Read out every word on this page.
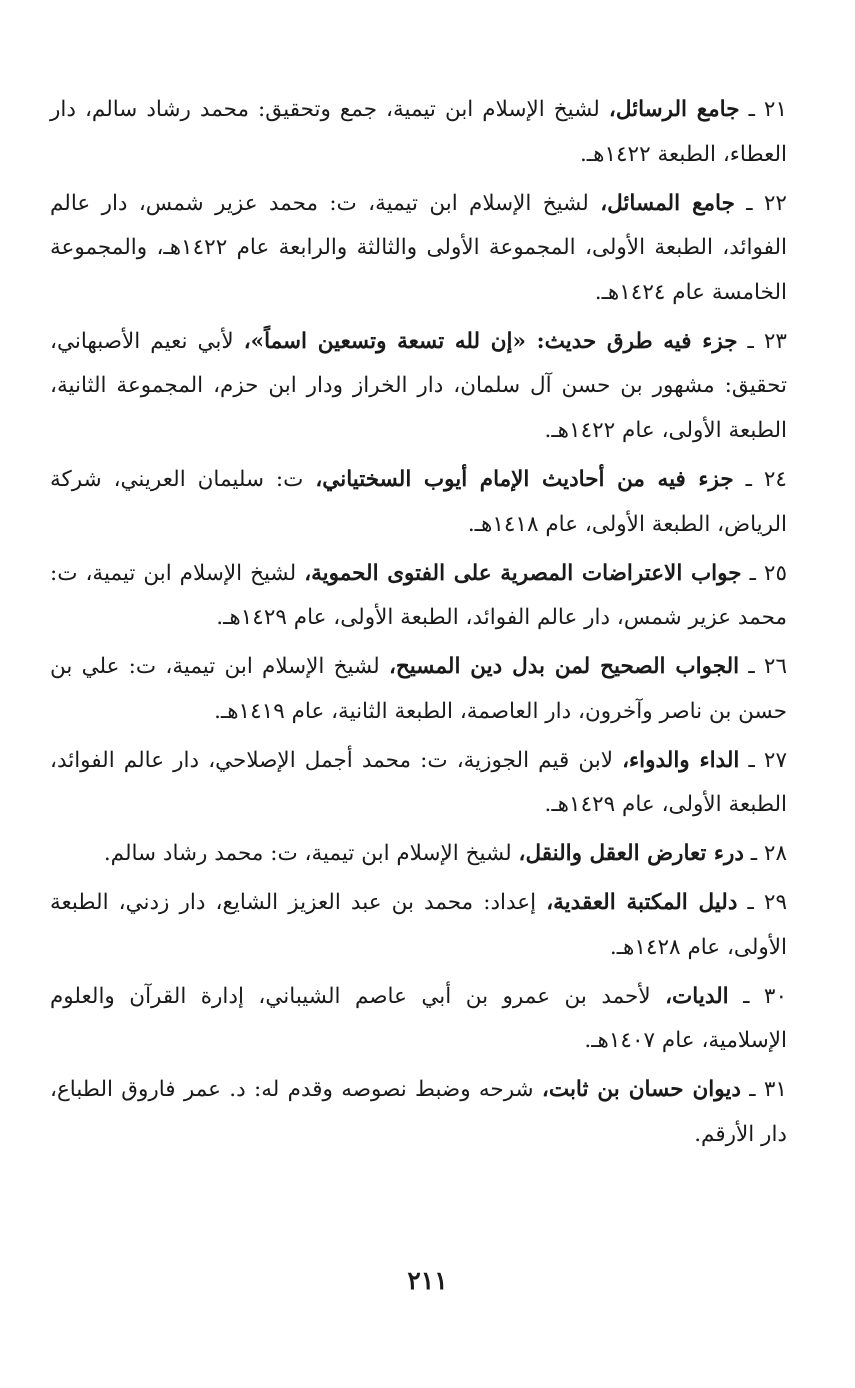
٢١ ـ جامع الرسائل، لشيخ الإسلام ابن تيمية، جمع وتحقيق: محمد رشاد سالم، دار العطاء، الطبعة ١٤٢٢هـ.

٢٢ ـ جامع المسائل، لشيخ الإسلام ابن تيمية، ت: محمد عزير شمس، دار عالم الفوائد، الطبعة الأولى، المجموعة الأولى والثالثة والرابعة عام ١٤٢٢هـ، والمجموعة الخامسة عام ١٤٢٤هـ.

٢٣ ـ جزء فيه طرق حديث: «إن لله تسعة وتسعين اسماً»، لأبي نعيم الأصبهاني، تحقيق: مشهور بن حسن آل سلمان، دار الخراز ودار ابن حزم، المجموعة الثانية، الطبعة الأولى، عام ١٤٢٢هـ.

٢٤ ـ جزء فيه من أحاديث الإمام أيوب السختياني، ت: سليمان العريني، شركة الرياض، الطبعة الأولى، عام ١٤١٨هـ.

٢٥ ـ جواب الاعتراضات المصرية على الفتوى الحموية، لشيخ الإسلام ابن تيمية، ت: محمد عزير شمس، دار عالم الفوائد، الطبعة الأولى، عام ١٤٢٩هـ.

٢٦ ـ الجواب الصحيح لمن بدل دين المسيح، لشيخ الإسلام ابن تيمية، ت: علي بن حسن بن ناصر وآخرون، دار العاصمة، الطبعة الثانية، عام ١٤١٩هـ.

٢٧ ـ الداء والدواء، لابن قيم الجوزية، ت: محمد أجمل الإصلاحي، دار عالم الفوائد، الطبعة الأولى، عام ١٤٢٩هـ.

٢٨ ـ درء تعارض العقل والنقل، لشيخ الإسلام ابن تيمية، ت: محمد رشاد سالم.

٢٩ ـ دليل المكتبة العقدية، إعداد: محمد بن عبد العزيز الشايع، دار زدني، الطبعة الأولى، عام ١٤٢٨هـ.

٣٠ ـ الديات، لأحمد بن عمرو بن أبي عاصم الشيباني، إدارة القرآن والعلوم الإسلامية، عام ١٤٠٧هـ.

٣١ ـ ديوان حسان بن ثابت، شرحه وضبط نصوصه وقدم له: د. عمر فاروق الطباع، دار الأرقم.

٢١١
